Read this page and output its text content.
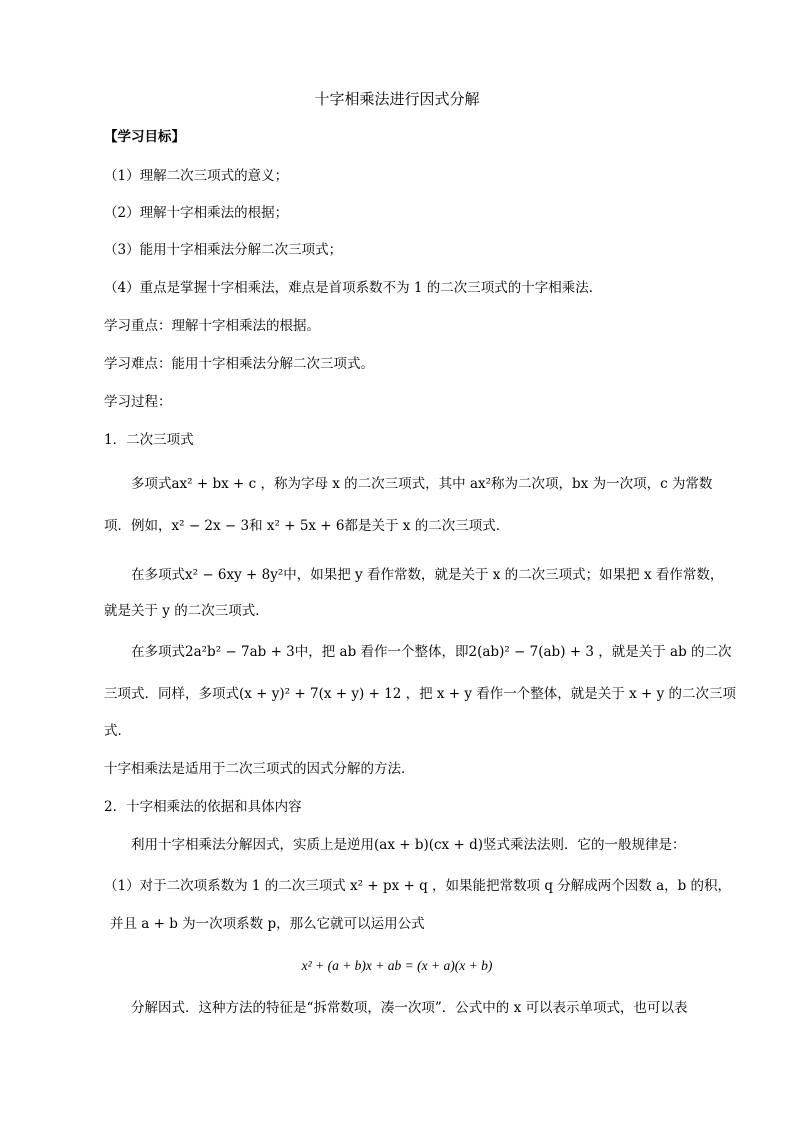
十字相乘法进行因式分解
【学习目标】
（1）理解二次三项式的意义；
（2）理解十字相乘法的根据；
（3）能用十字相乘法分解二次三项式；
（4）重点是掌握十字相乘法，难点是首项系数不为 1 的二次三项式的十字相乘法．
学习重点：理解十字相乘法的根据。
学习难点：能用十字相乘法分解二次三项式。
学习过程：
1．二次三项式
多项式ax² + bx + c ，称为字母 x 的二次三项式，其中 ax²称为二次项，bx 为一次项，c 为常数
项．例如，x² − 2x − 3和 x² + 5x + 6都是关于 x 的二次三项式．
在多项式x² − 6xy + 8y²中，如果把 y 看作常数，就是关于 x 的二次三项式；如果把 x 看作常数，
就是关于 y 的二次三项式．
在多项式2a²b² − 7ab + 3中，把 ab 看作一个整体，即2(ab)² − 7(ab) + 3 ，就是关于 ab 的二次
三项式．同样，多项式(x + y)² + 7(x + y) + 12 ，把 x + y 看作一个整体，就是关于 x + y 的二次三项
式．
十字相乘法是适用于二次三项式的因式分解的方法．
2．十字相乘法的依据和具体内容
利用十字相乘法分解因式，实质上是逆用(ax + b)(cx + d)竖式乘法法则．它的一般规律是：
（1）对于二次项系数为 1 的二次三项式 x² + px + q ，如果能把常数项 q 分解成两个因数 a，b 的积，
并且 a + b 为一次项系数 p，那么它就可以运用公式
x² + (a + b)x + ab = (x + a)(x + b)
分解因式．这种方法的特征是“拆常数项，凑一次项”．公式中的 x 可以表示单项式，也可以表
